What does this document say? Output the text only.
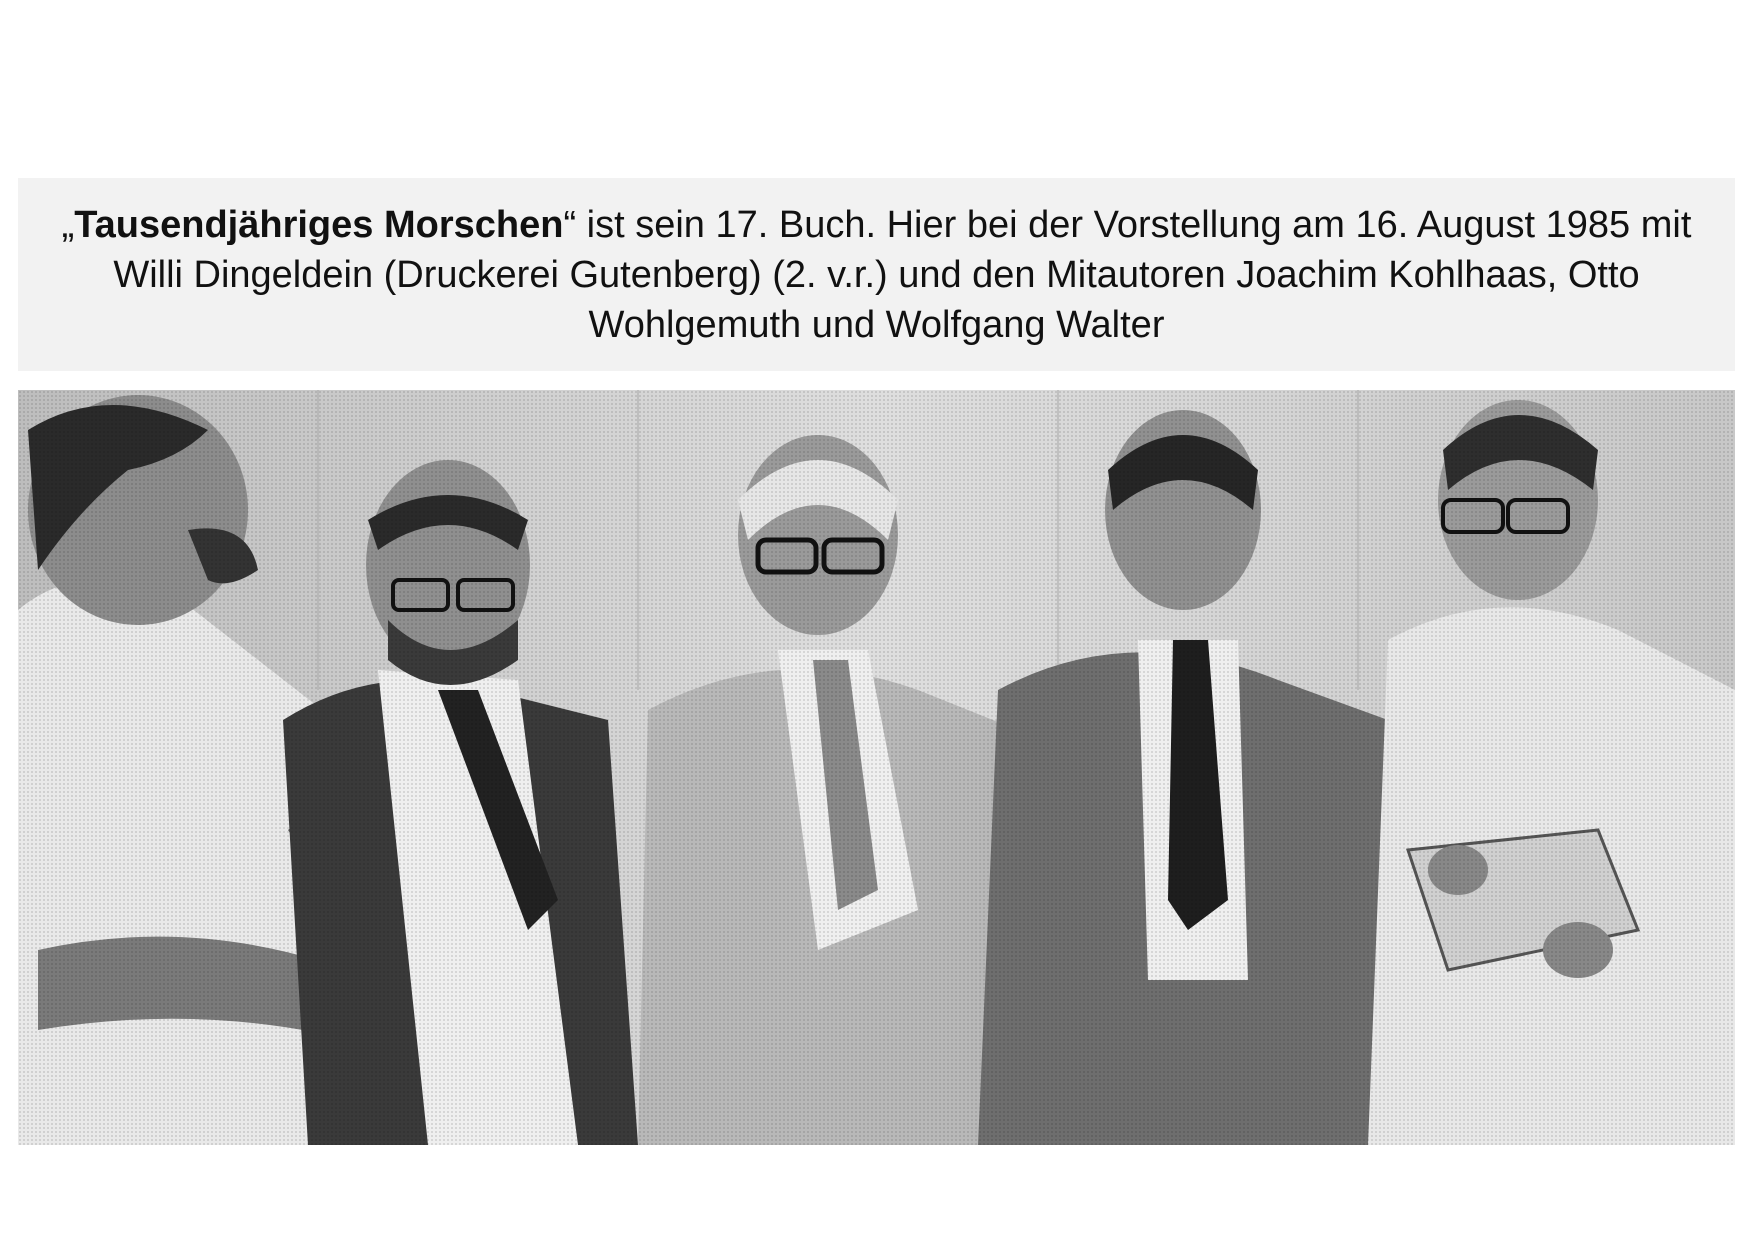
„Tausendjähriges Morschen“ ist sein 17. Buch. Hier bei der Vorstellung am 16. August 1985 mit Willi Dingeldein (Druckerei Gutenberg) (2. v.r.) und den Mitautoren Joachim Kohlhaas, Otto Wohlgemuth und Wolfgang Walter
